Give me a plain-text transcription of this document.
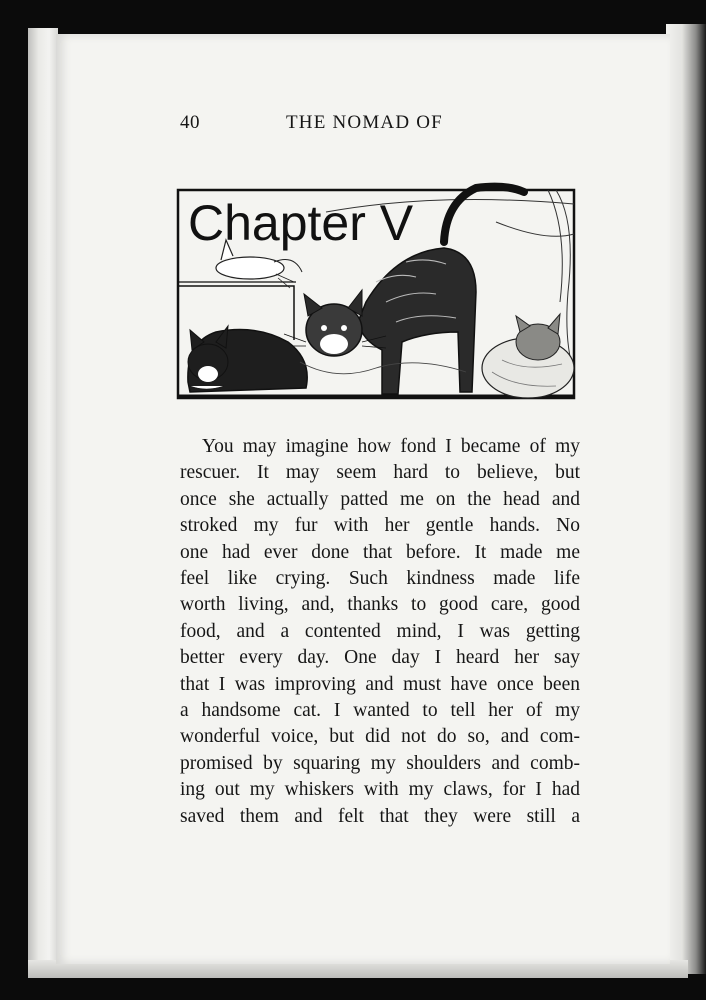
40	THE NOMAD OF
Chapter V
You may imagine how fond I became of my
rescuer. It may seem hard to believe, but
once she actually patted me on the head and
stroked my fur with her gentle hands. No
one had ever done that before. It made me
feel like crying. Such kindness made life
worth living, and, thanks to good care, good
food, and a contented mind, I was getting
better every day. One day I heard her say
that I was improving and must have once been
a handsome cat. I wanted to tell her of my
wonderful voice, but did not do so, and com-
promised by squaring my shoulders and comb-
ing out my whiskers with my claws, for I had
saved them and felt that they were still a
